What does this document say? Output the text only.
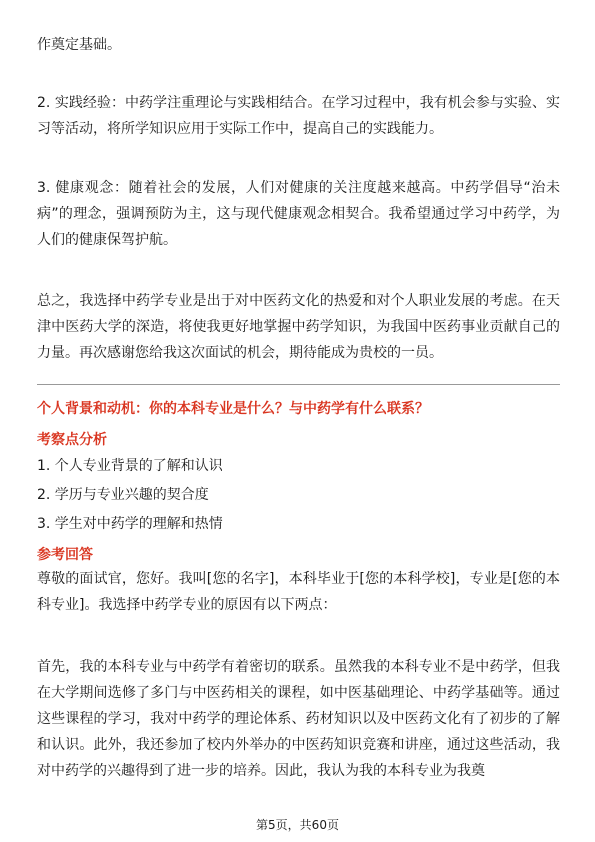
作奠定基础。

2. 实践经验：中药学注重理论与实践相结合。在学习过程中，我有机会参与实验、实习等活动，将所学知识应用于实际工作中，提高自己的实践能力。

3. 健康观念：随着社会的发展，人们对健康的关注度越来越高。中药学倡导“治未病”的理念，强调预防为主，这与现代健康观念相契合。我希望通过学习中药学，为人们的健康保驾护航。

总之，我选择中药学专业是出于对中医药文化的热爱和对个人职业发展的考虑。在天津中医药大学的深造，将使我更好地掌握中药学知识，为我国中医药事业贡献自己的力量。再次感谢您给我这次面试的机会，期待能成为贵校的一员。

个人背景和动机：你的本科专业是什么？与中药学有什么联系？

考察点分析

1. 个人专业背景的了解和认识

2. 学历与专业兴趣的契合度

3. 学生对中药学的理解和热情

参考回答

尊敬的面试官，您好。我叫[您的名字]，本科毕业于[您的本科学校]，专业是[您的本科专业]。我选择中药学专业的原因有以下两点：

首先，我的本科专业与中药学有着密切的联系。虽然我的本科专业不是中药学，但我在大学期间选修了多门与中医药相关的课程，如中医基础理论、中药学基础等。通过这些课程的学习，我对中药学的理论体系、药材知识以及中医药文化有了初步的了解和认识。此外，我还参加了校内外举办的中医药知识竞赛和讲座，通过这些活动，我对中药学的兴趣得到了进一步的培养。因此，我认为我的本科专业为我奠

第5页，共60页
